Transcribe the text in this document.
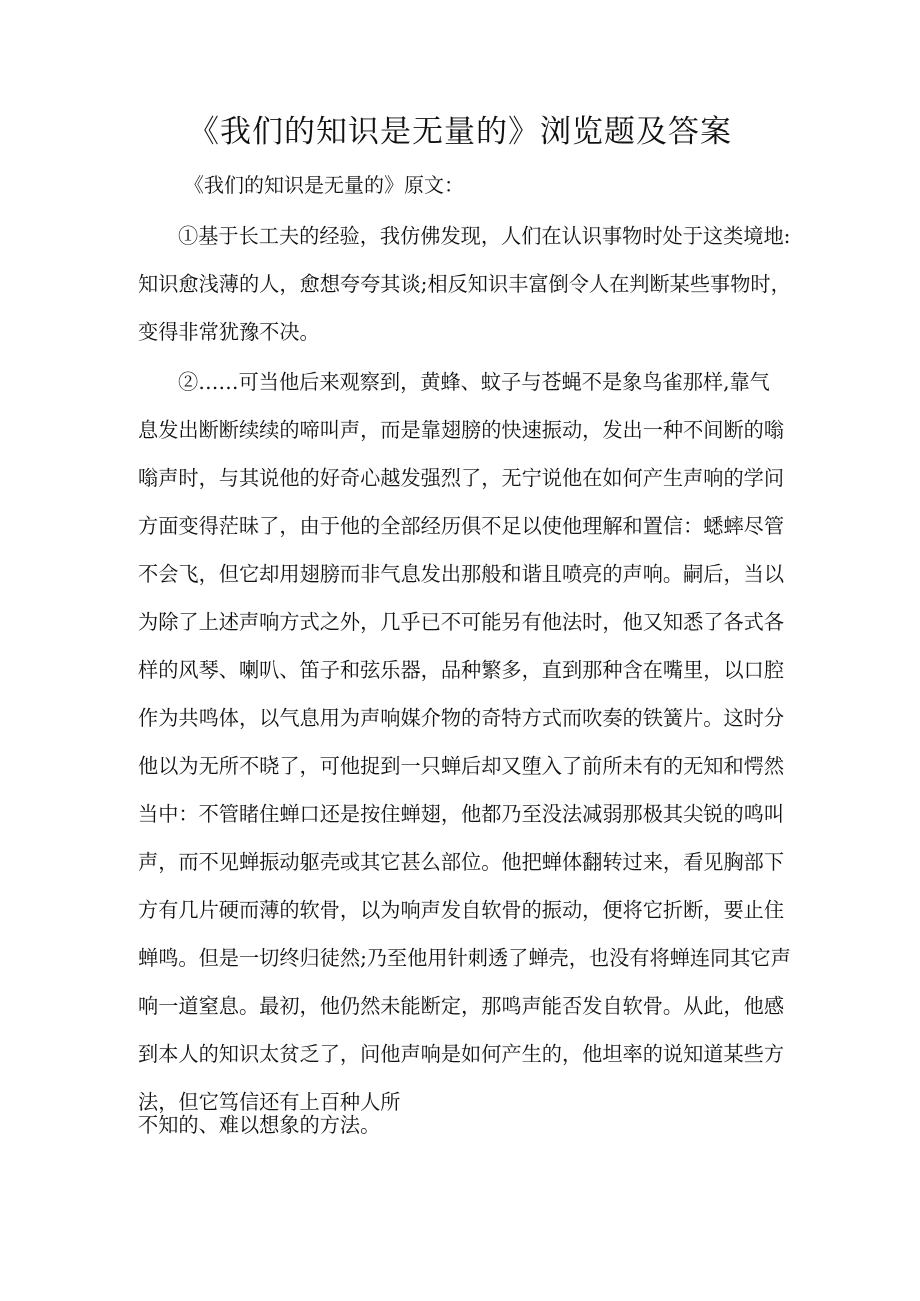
《我们的知识是无量的》浏览题及答案
《我们的知识是无量的》原文：
①基于长工夫的经验，我仿佛发现，人们在认识事物时处于这类境地:
知识愈浅薄的人，愈想夸夸其谈;相反知识丰富倒令人在判断某些事物时，
变得非常犹豫不决。
②……可当他后来观察到，黄蜂、蚊子与苍蝇不是象鸟雀那样,靠气
息发出断断续续的啼叫声，而是靠翅膀的快速振动，发出一种不间断的嗡
嗡声时，与其说他的好奇心越发强烈了，无宁说他在如何产生声响的学问
方面变得茫昧了，由于他的全部经历俱不足以使他理解和置信：蟋蟀尽管
不会飞，但它却用翅膀而非气息发出那般和谐且喷亮的声响。嗣后，当以
为除了上述声响方式之外，几乎已不可能另有他法时，他又知悉了各式各
样的风琴、喇叭、笛子和弦乐器，品种繁多，直到那种含在嘴里，以口腔
作为共鸣体，以气息用为声响媒介物的奇特方式而吹奏的铁簧片。这时分
他以为无所不晓了，可他捉到一只蝉后却又堕入了前所未有的无知和愕然
当中：不管睹住蝉口还是按住蝉翅，他都乃至没法减弱那极其尖锐的鸣叫
声，而不见蝉振动躯壳或其它甚么部位。他把蝉体翻转过来，看见胸部下
方有几片硬而薄的软骨，以为响声发自软骨的振动，便将它折断，要止住
蝉鸣。但是一切终归徒然;乃至他用针刺透了蝉壳，也没有将蝉连同其它声
响一道窒息。最初，他仍然未能断定，那鸣声能否发自软骨。从此，他感
到本人的知识太贫乏了，问他声响是如何产生的，他坦率的说知道某些方
法，但它笃信还有上百种人所
不知的、难以想象的方法。
